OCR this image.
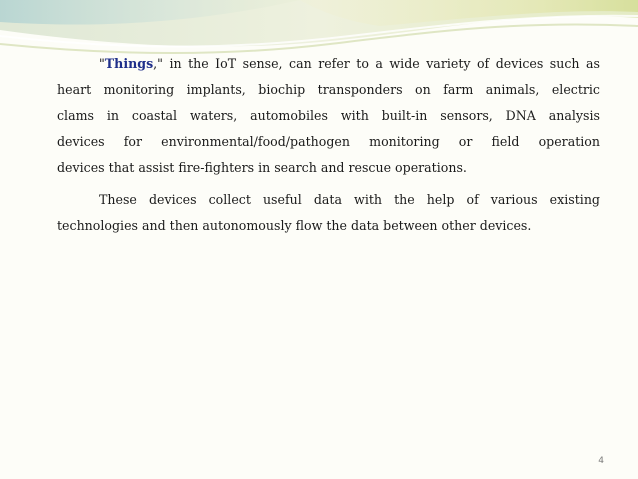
"Things," in the IoT sense, can refer to a wide variety of devices such as
heart monitoring implants, biochip transponders on farm animals, electric
clams in coastal waters, automobiles with built-in sensors, DNA analysis
devices for environmental/food/pathogen monitoring or field operation
devices that assist fire-fighters in search and rescue operations.

These devices collect useful data with the help of various existing
technologies and then autonomously flow the data between other devices.

4
